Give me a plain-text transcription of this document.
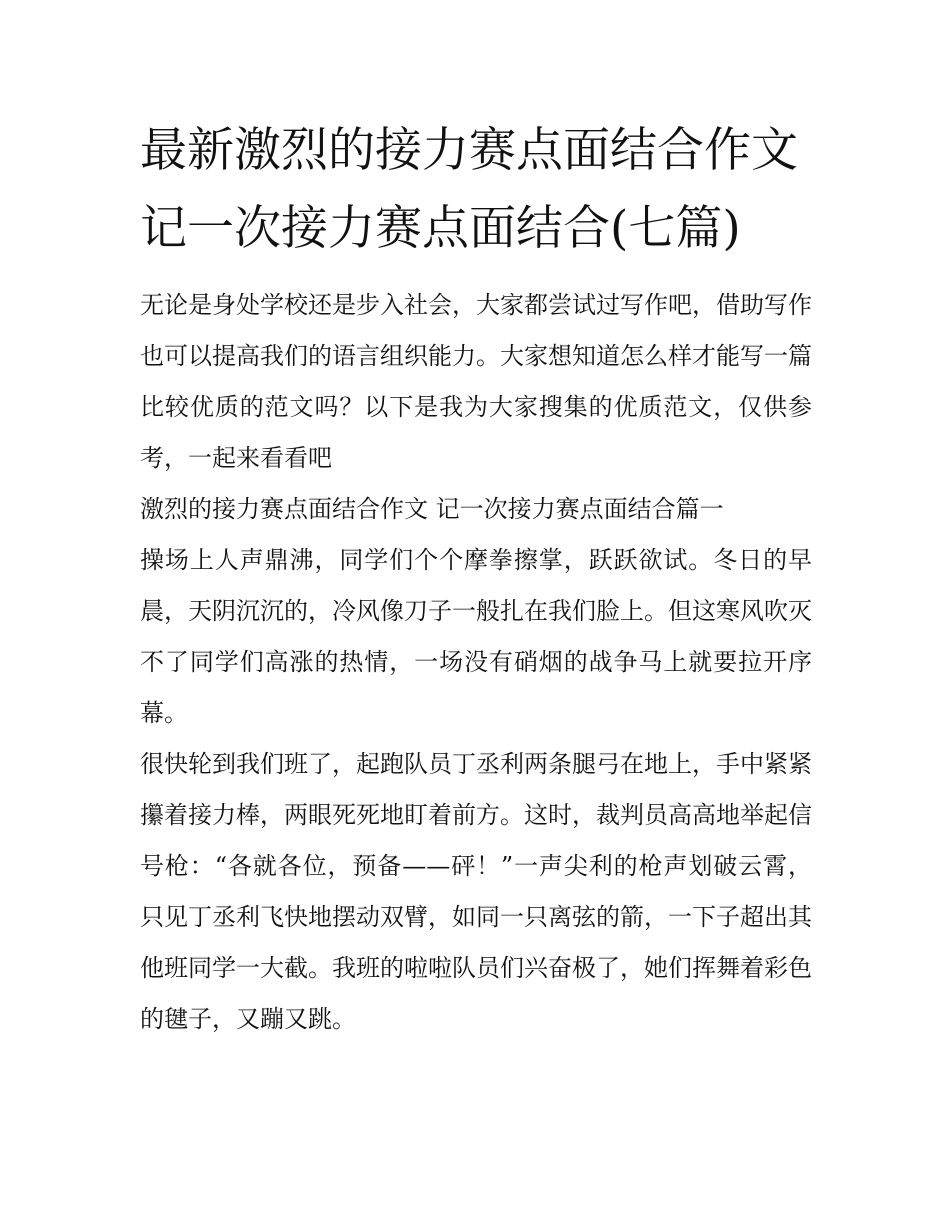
最新激烈的接力赛点面结合作文 记一次接力赛点面结合(七篇)

无论是身处学校还是步入社会，大家都尝试过写作吧，借助写作也可以提高我们的语言组织能力。大家想知道怎么样才能写一篇比较优质的范文吗？以下是我为大家搜集的优质范文，仅供参考，一起来看看吧

激烈的接力赛点面结合作文 记一次接力赛点面结合篇一

操场上人声鼎沸，同学们个个摩拳擦掌，跃跃欲试。冬日的早晨，天阴沉沉的，冷风像刀子一般扎在我们脸上。但这寒风吹灭不了同学们高涨的热情，一场没有硝烟的战争马上就要拉开序幕。

很快轮到我们班了，起跑队员丁丞利两条腿弓在地上，手中紧紧攥着接力棒，两眼死死地盯着前方。这时，裁判员高高地举起信号枪：“各就各位，预备——砰！”一声尖利的枪声划破云霄，只见丁丞利飞快地摆动双臂，如同一只离弦的箭，一下子超出其他班同学一大截。我班的啦啦队员们兴奋极了，她们挥舞着彩色的毽子，又蹦又跳。
